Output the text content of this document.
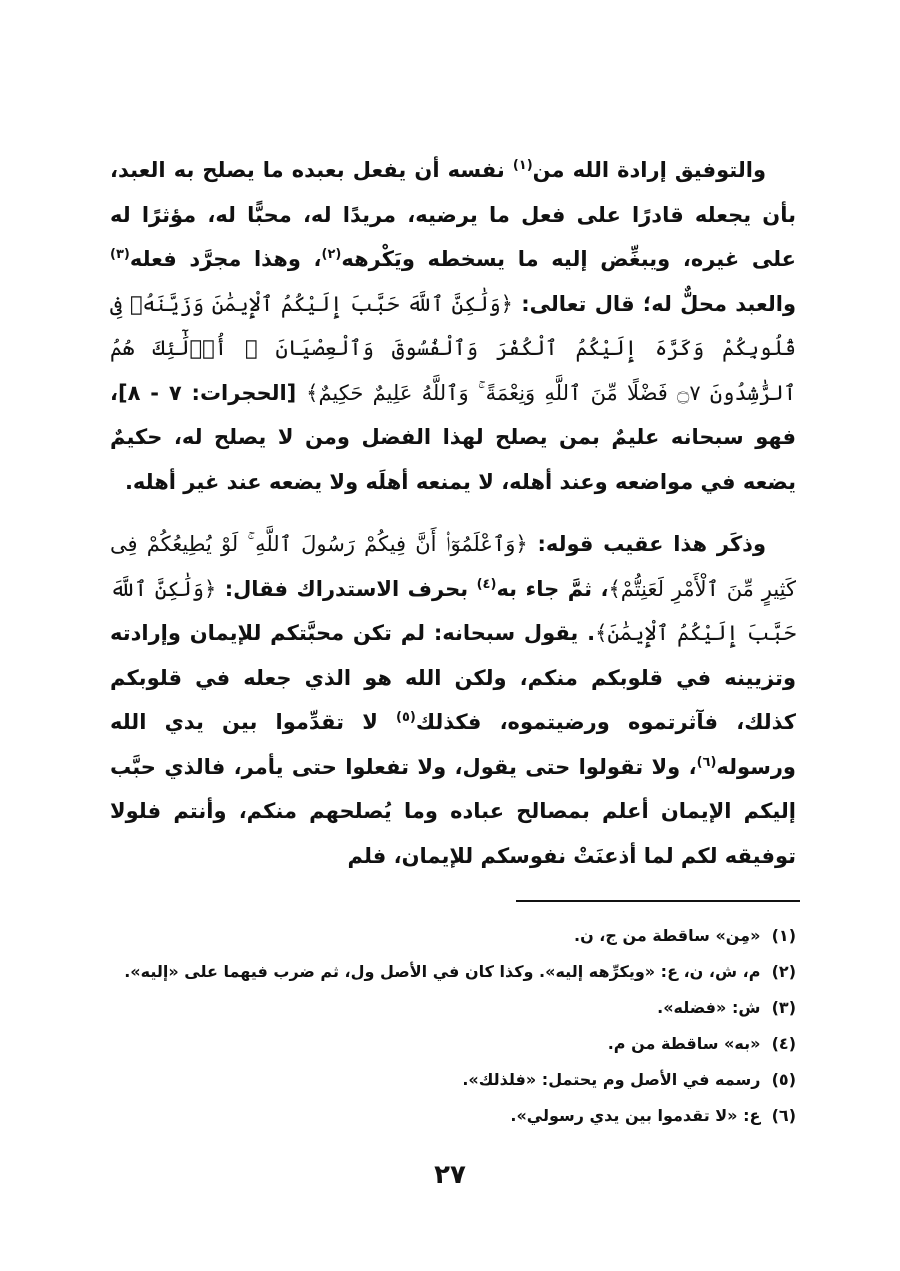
والتوفيق إرادة الله من$^{(١)}$ نفسه أن يفعل بعبده ما يصلح به العبد، بأن يجعله قادرًا على فعل ما يرضيه، مريدًا له، محبًّا له، مؤثرًا له على غيره، ويبغِّض إليه ما يسخطه ويَكْرهه$^{(٢)}$، وهذا مجرَّد فعله$^{(٣)}$ والعبد محلٌّ له؛ قال تعالى: ﴿وَلَٰكِنَّ ٱللَّهَ حَبَّبَ إِلَيْكُمُ ٱلْإِيمَٰنَ وَزَيَّنَهُۥ فِى قُلُوبِكُمْ وَكَرَّهَ إِلَيْكُمُ ٱلْكُفْرَ وَٱلْفُسُوقَ وَٱلْعِصْيَانَ ۚ أُو۟لَٰٓئِكَ هُمُ ٱلرَّٰشِدُونَ ۝٧ فَضْلًا مِّنَ ٱللَّهِ وَنِعْمَةً ۚ وَٱللَّهُ عَلِيمٌ حَكِيمٌ﴾ [الحجرات: ٧ - ٨]، فهو سبحانه عليمٌ بمن يصلح لهذا الفضل ومن لا يصلح له، حكيمٌ يضعه في مواضعه وعند أهله، لا يمنعه أهلَه ولا يضعه عند غير أهله.

وذكَر هذا عقيب قوله: ﴿وَٱعْلَمُوٓا۟ أَنَّ فِيكُمْ رَسُولَ ٱللَّهِ ۚ لَوْ يُطِيعُكُمْ فِى كَثِيرٍ مِّنَ ٱلْأَمْرِ لَعَنِتُّمْ﴾، ثمَّ جاء به$^{(٤)}$ بحرف الاستدراك فقال: ﴿وَلَٰكِنَّ ٱللَّهَ حَبَّبَ إِلَيْكُمُ ٱلْإِيمَٰنَ﴾. يقول سبحانه: لم تكن محبَّتكم للإيمان وإرادته وتزيينه في قلوبكم منكم، ولكن الله هو الذي جعله في قلوبكم كذلك، فآثرتموه ورضيتموه، فكذلك$^{(٥)}$ لا تقدِّموا بين يدي الله ورسوله$^{(٦)}$، ولا تقولوا حتى يقول، ولا تفعلوا حتى يأمر، فالذي حبَّب إليكم الإيمان أعلم بمصالح عباده وما يُصلحهم منكم، وأنتم فلولا توفيقه لكم لما أذعنَتْ نفوسكم للإيمان، فلم

(١) «مِن» ساقطة من ج، ن.
(٢) م، ش، ن، ع: «ويكرِّهه إليه». وكذا كان في الأصل ول، ثم ضرب فيهما على «إليه».
(٣) ش: «فضله».
(٤) «به» ساقطة من م.
(٥) رسمه في الأصل وم يحتمل: «فلذلك».
(٦) ع: «لا تقدموا بين يدي رسولي».
٢٧
